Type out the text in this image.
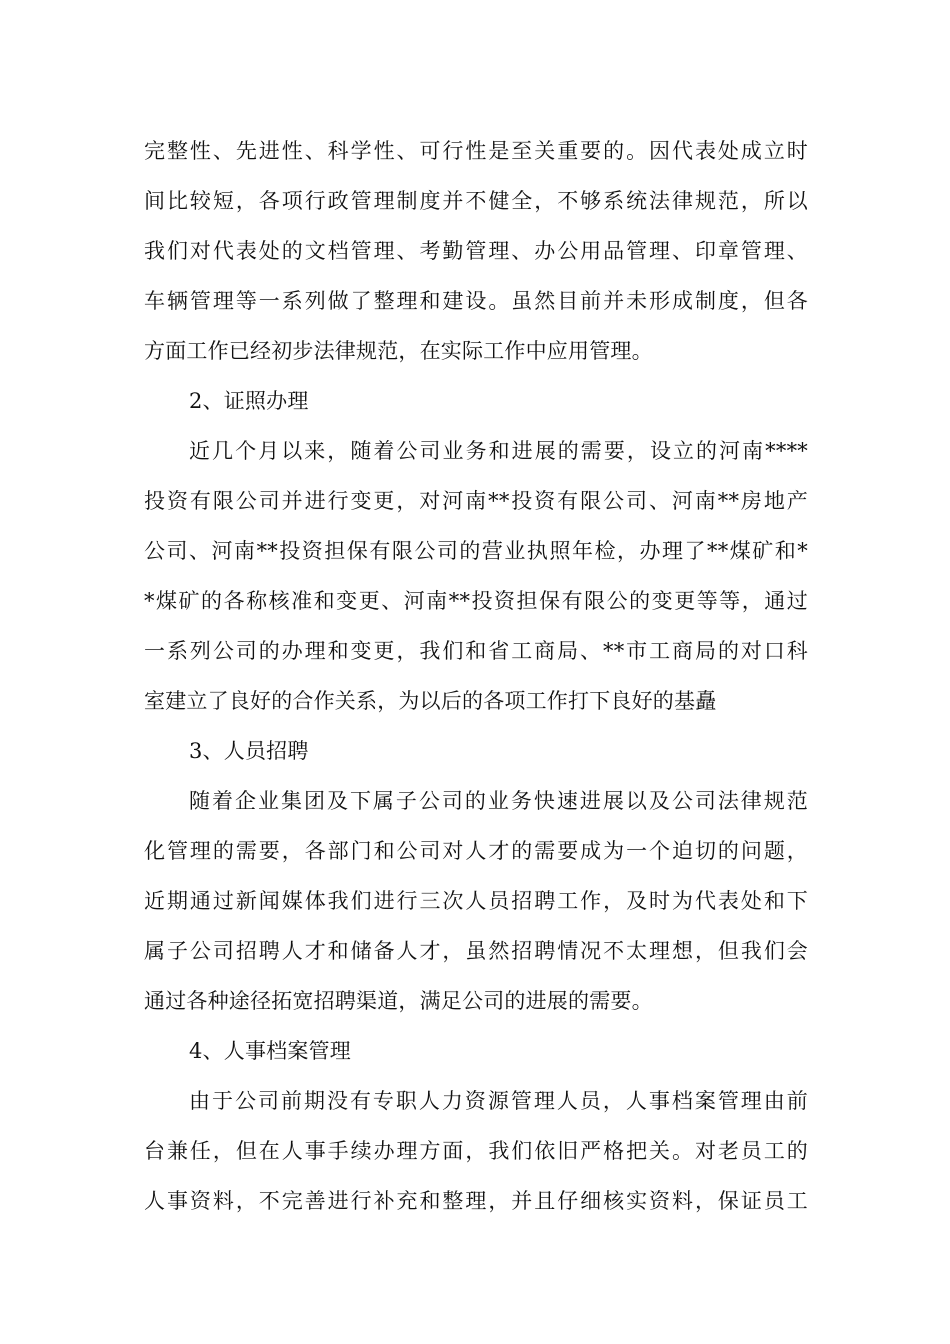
完整性、先进性、科学性、可行性是至关重要的。因代表处成立时
间比较短，各项行政管理制度并不健全，不够系统法律规范，所以
我们对代表处的文档管理、考勤管理、办公用品管理、印章管理、
车辆管理等一系列做了整理和建设。虽然目前并未形成制度，但各
方面工作已经初步法律规范，在实际工作中应用管理。
2、证照办理
近几个月以来，随着公司业务和进展的需要，设立的河南****
投资有限公司并进行变更，对河南**投资有限公司、河南**房地产
公司、河南**投资担保有限公司的营业执照年检，办理了**煤矿和*
*煤矿的各称核准和变更、河南**投资担保有限公的变更等等，通过
一系列公司的办理和变更，我们和省工商局、**市工商局的对口科
室建立了良好的合作关系，为以后的各项工作打下良好的基矗
3、人员招聘
随着企业集团及下属子公司的业务快速进展以及公司法律规范
化管理的需要，各部门和公司对人才的需要成为一个迫切的问题，
近期通过新闻媒体我们进行三次人员招聘工作，及时为代表处和下
属子公司招聘人才和储备人才，虽然招聘情况不太理想，但我们会
通过各种途径拓宽招聘渠道，满足公司的进展的需要。
4、人事档案管理
由于公司前期没有专职人力资源管理人员，人事档案管理由前
台兼任，但在人事手续办理方面，我们依旧严格把关。对老员工的
人事资料，不完善进行补充和整理，并且仔细核实资料，保证员工
